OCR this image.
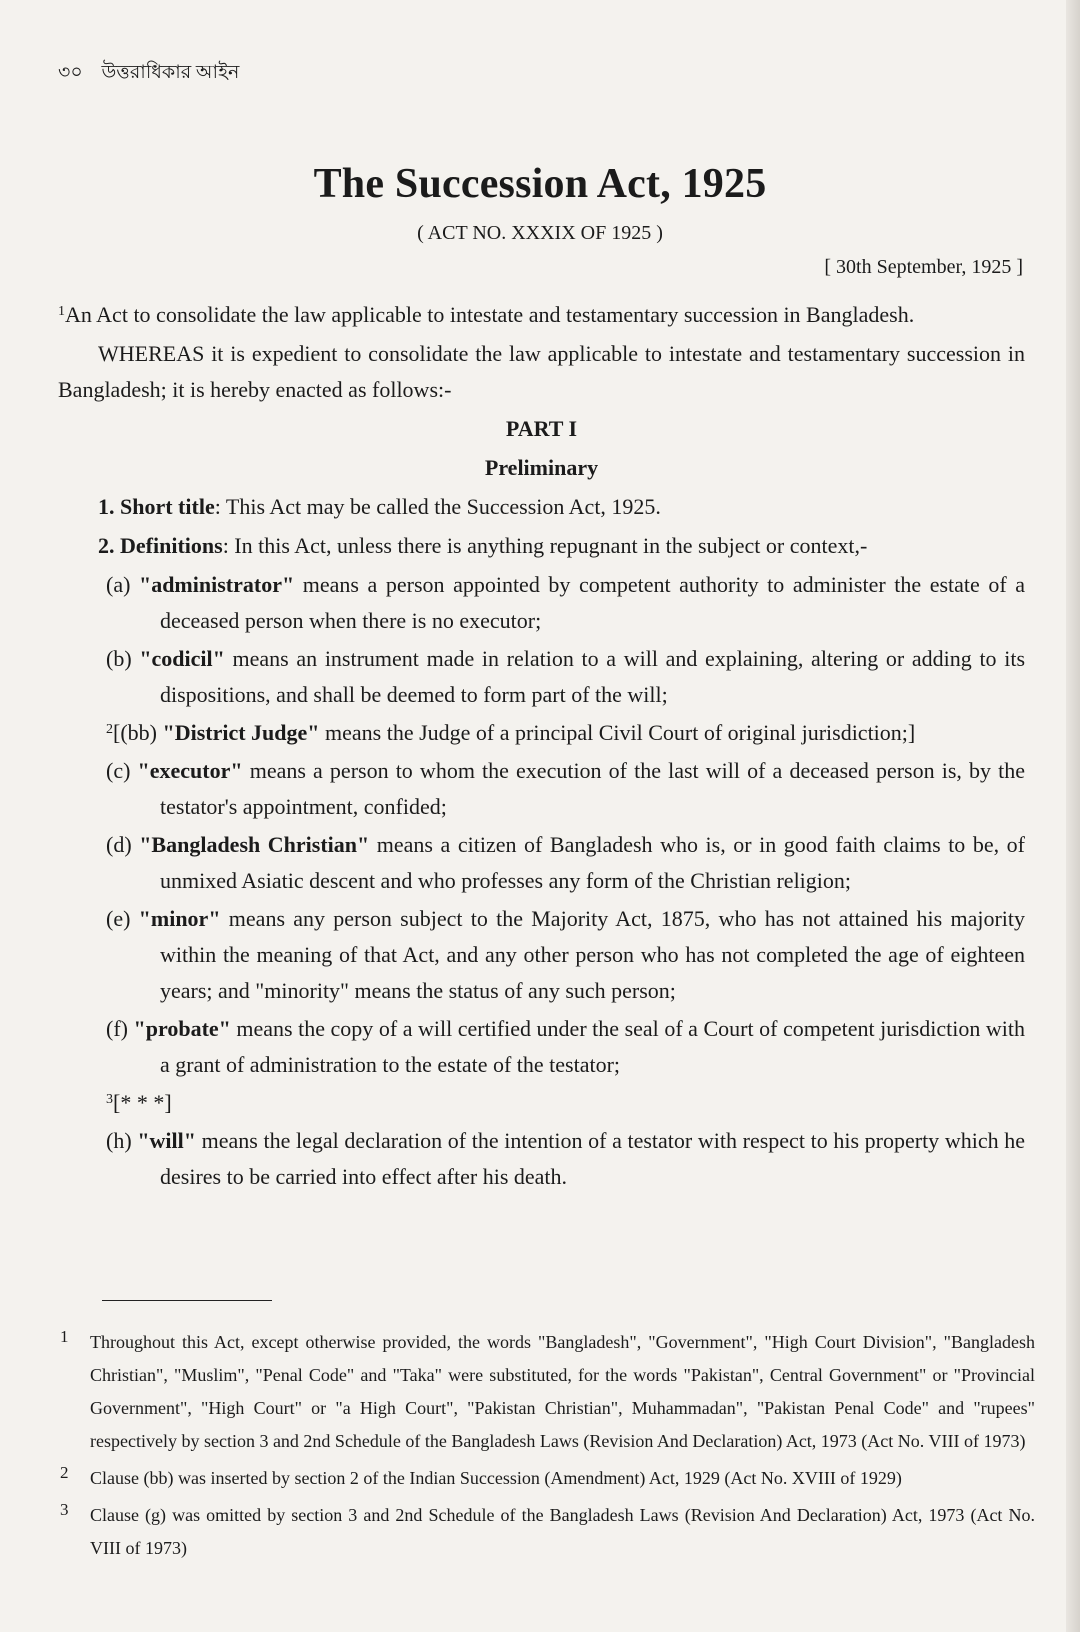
৩০ উত্তরাধিকার আইন
The Succession Act, 1925
( ACT NO. XXXIX OF 1925 )
[ 30th September, 1925 ]

$^1$An Act to consolidate the law applicable to intestate and testamentary succession in Bangladesh.

WHEREAS it is expedient to consolidate the law applicable to intestate and testamentary succession in Bangladesh; it is hereby enacted as follows:-

PART I

Preliminary

1. Short title: This Act may be called the Succession Act, 1925.

2. Definitions: In this Act, unless there is anything repugnant in the subject or context,-

(a) "administrator" means a person appointed by competent authority to administer the estate of a deceased person when there is no executor;

(b) "codicil" means an instrument made in relation to a will and explaining, altering or adding to its dispositions, and shall be deemed to form part of the will;

$^2$[(bb) "District Judge" means the Judge of a principal Civil Court of original jurisdiction;]

(c) "executor" means a person to whom the execution of the last will of a deceased person is, by the testator's appointment, confided;

(d) "Bangladesh Christian" means a citizen of Bangladesh who is, or in good faith claims to be, of unmixed Asiatic descent and who professes any form of the Christian religion;

(e) "minor" means any person subject to the Majority Act, 1875, who has not attained his majority within the meaning of that Act, and any other person who has not completed the age of eighteen years; and "minority" means the status of any such person;

(f) "probate" means the copy of a will certified under the seal of a Court of competent jurisdiction with a grant of administration to the estate of the testator;

$^3$[* * *]

(h) "will" means the legal declaration of the intention of a testator with respect to his property which he desires to be carried into effect after his death.

1	Throughout this Act, except otherwise provided, the words "Bangladesh", "Government", "High Court Division", "Bangladesh Christian", "Muslim", "Penal Code" and "Taka" were substituted, for the words "Pakistan", Central Government" or "Provincial Government", "High Court" or "a High Court", "Pakistan Christian", Muhammadan", "Pakistan Penal Code" and "rupees" respectively by section 3 and 2nd Schedule of the Bangladesh Laws (Revision And Declaration) Act, 1973 (Act No. VIII of 1973)
2	Clause (bb) was inserted by section 2 of the Indian Succession (Amendment) Act, 1929 (Act No. XVIII of 1929)
3	Clause (g) was omitted by section 3 and 2nd Schedule of the Bangladesh Laws (Revision And Declaration) Act, 1973 (Act No. VIII of 1973)
